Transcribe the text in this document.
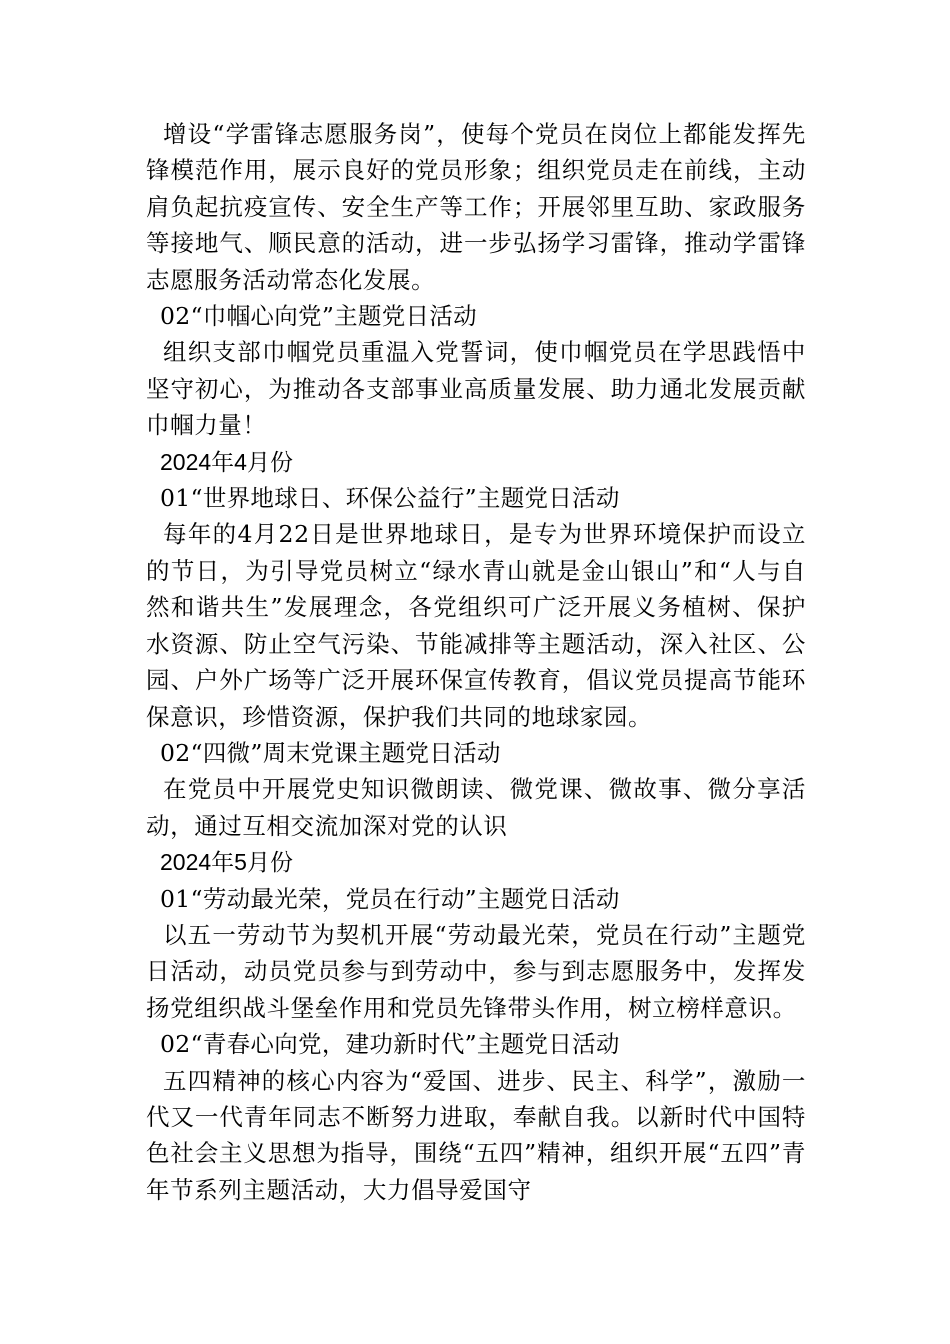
增设“学雷锋志愿服务岗”，使每个党员在岗位上都能发挥先锋模范作用，展示良好的党员形象；组织党员走在前线，主动肩负起抗疫宣传、安全生产等工作；开展邻里互助、家政服务等接地气、顺民意的活动，进一步弘扬学习雷锋，推动学雷锋志愿服务活动常态化发展。

02“巾帼心向党”主题党日活动

组织支部巾帼党员重温入党誓词，使巾帼党员在学思践悟中坚守初心，为推动各支部事业高质量发展、助力通北发展贡献巾帼力量！

2024年4月份

01“世界地球日、环保公益行”主题党日活动

每年的4月22日是世界地球日，是专为世界环境保护而设立的节日，为引导党员树立“绿水青山就是金山银山”和“人与自然和谐共生”发展理念，各党组织可广泛开展义务植树、保护水资源、防止空气污染、节能减排等主题活动，深入社区、公园、户外广场等广泛开展环保宣传教育，倡议党员提高节能环保意识，珍惜资源，保护我们共同的地球家园。

02“四微”周末党课主题党日活动

在党员中开展党史知识微朗读、微党课、微故事、微分享活动，通过互相交流加深对党的认识

2024年5月份

01“劳动最光荣，党员在行动”主题党日活动

以五一劳动节为契机开展“劳动最光荣，党员在行动”主题党日活动，动员党员参与到劳动中，参与到志愿服务中，发挥发扬党组织战斗堡垒作用和党员先锋带头作用，树立榜样意识。

02“青春心向党，建功新时代”主题党日活动

五四精神的核心内容为“爱国、进步、民主、科学”，激励一代又一代青年同志不断努力进取，奉献自我。以新时代中国特色社会主义思想为指导，围绕“五四”精神，组织开展“五四”青年节系列主题活动，大力倡导爱国守
